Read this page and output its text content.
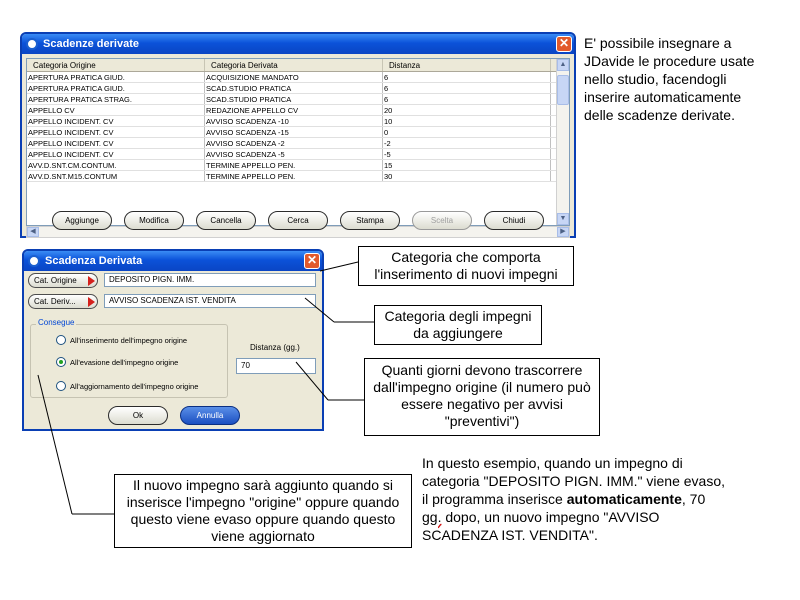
Scadenze derivate	✕
Categoria Origine	Categoria Derivata	Distanza
APERTURA PRATICA GIUD.	ACQUISIZIONE MANDATO	6
APERTURA PRATICA GIUD.	SCAD.STUDIO PRATICA	6
APERTURA PRATICA STRAG.	SCAD.STUDIO PRATICA	6
APPELLO CV	REDAZIONE APPELLO CV	20
APPELLO INCIDENT. CV	AVVISO SCADENZA -10	10
APPELLO INCIDENT. CV	AVVISO SCADENZA -15	0
APPELLO INCIDENT. CV	AVVISO SCADENZA -2	-2
APPELLO INCIDENT. CV	AVVISO SCADENZA -5	-5
AVV.D.SNT.CM.CONTUM.	TERMINE APPELLO PEN.	15
AVV.D.SNT.M15.CONTUM	TERMINE APPELLO PEN.	30
▲
▼
◀	▶
Aggiunge	Modifica	Cancella	Cerca	Stampa	Scelta	Chiudi
Scadenza Derivata	✕
Cat. Origine	DEPOSITO PIGN. IMM.
Cat. Deriv...	AVVISO SCADENZA IST. VENDITA
Consegue
All'inserimento dell'impegno origine
All'evasione dell'impegno origine
All'aggiornamento dell'impegno origine
Distanza (gg.)
70
Ok	Annulla
E' possibile insegnare a JDavide le procedure usate nello studio, facendogli inserire automaticamente delle scadenze derivate.
Categoria che comporta l'inserimento di nuovi impegni
Categoria degli impegni da aggiungere
Quanti giorni devono trascorrere dall'impegno origine (il numero può essere negativo per avvisi "preventivi")
Il nuovo impegno sarà aggiunto quando si inserisce l'impegno "origine" oppure quando questo viene evaso oppure quando questo viene aggiornato
In questo esempio, quando un impegno di categoria "DEPOSITO PIGN. IMM." viene evaso, il programma inserisce automaticamente, 70 gg. dopo, un nuovo impegno "AVVISO SCADENZA IST. VENDITA".
